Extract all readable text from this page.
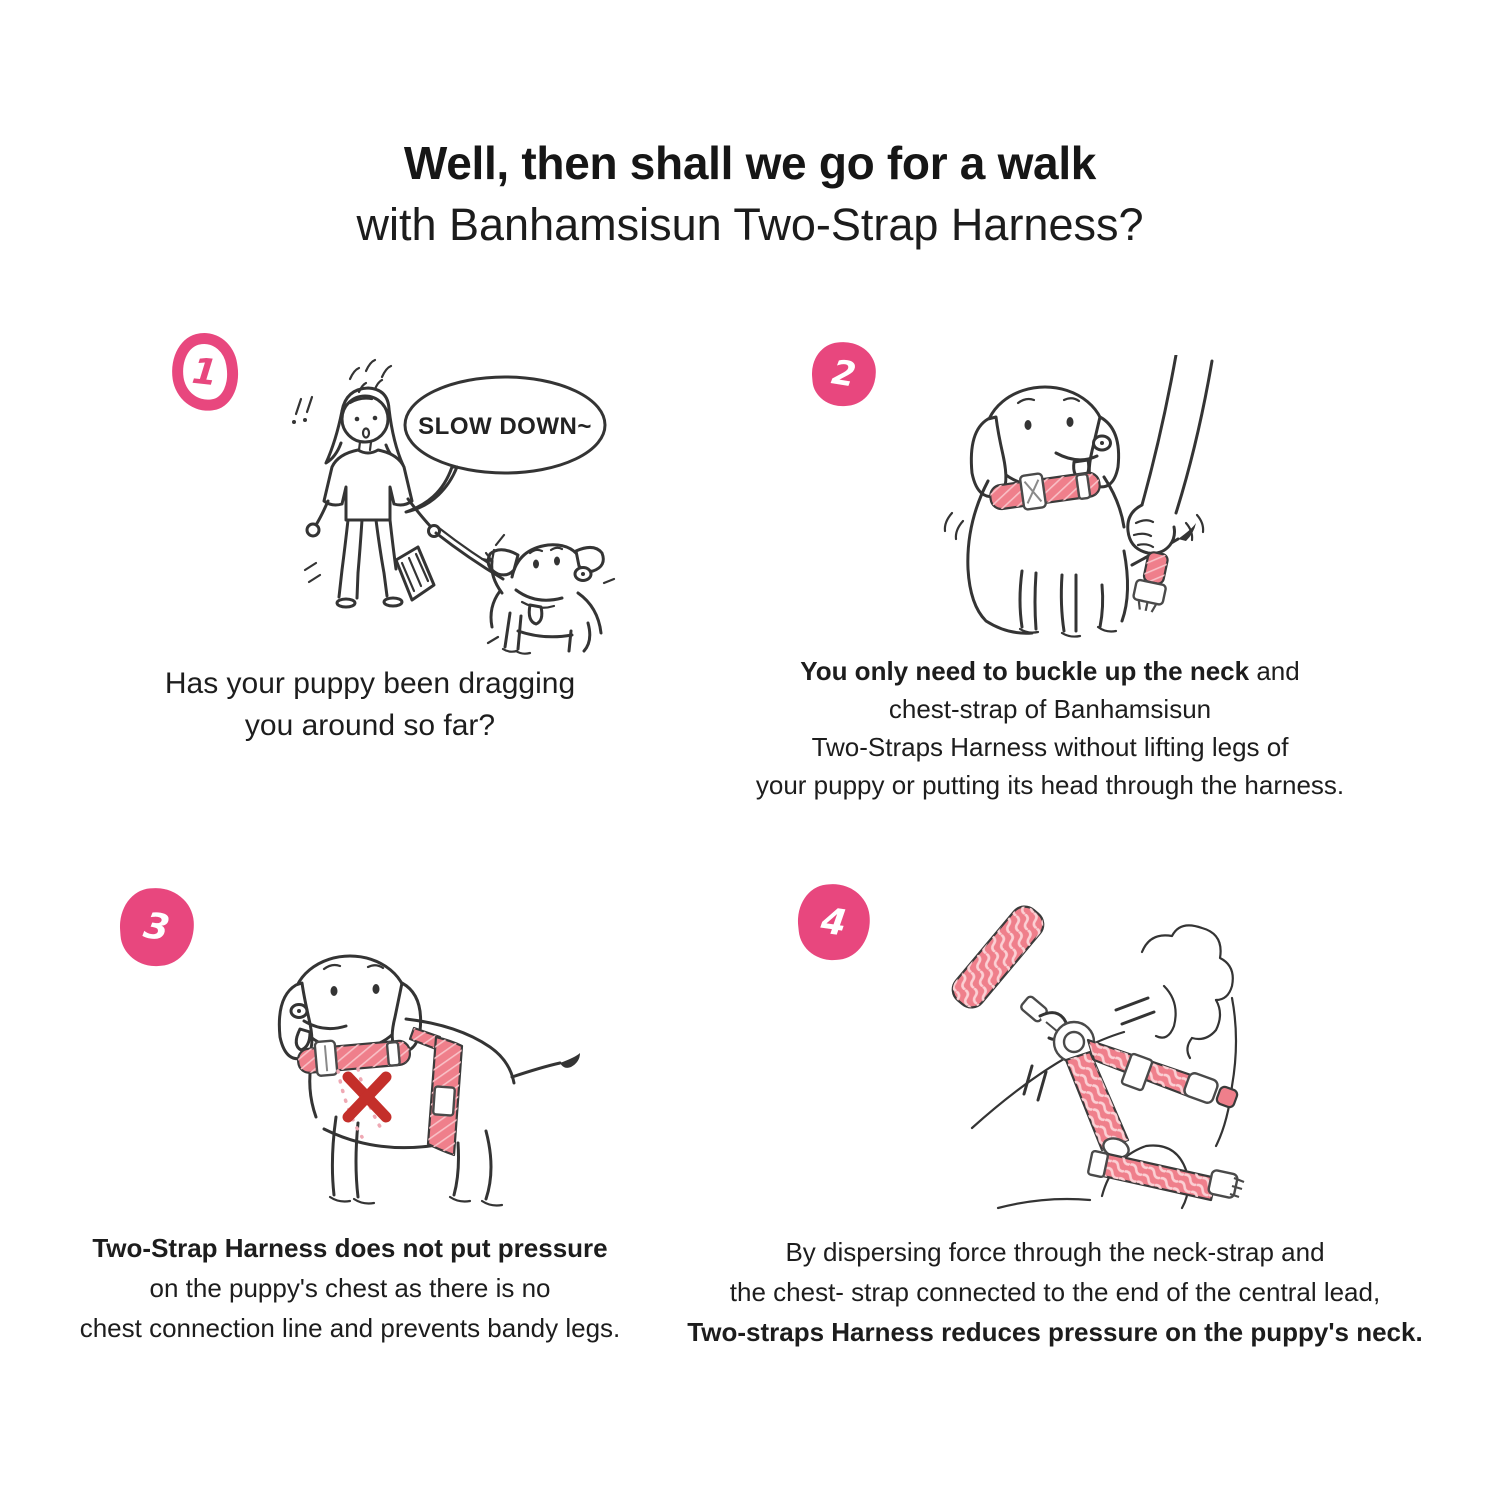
Well, then shall we go for a walk
with Banhamsisun Two-Strap Harness?
1
SLOW DOWN~

Has your puppy been dragging
you around so far?

2

You only need to buckle up the neck and
chest-strap of Banhamsisun
Two-Straps Harness without lifting legs of
your puppy or putting its head through the harness.

3

Two-Strap Harness does not put pressure
on the puppy's chest as there is no
chest connection line and prevents bandy legs.

4

By dispersing force through the neck-strap and
the chest- strap connected to the end of the central lead,
Two-straps Harness reduces pressure on the puppy's neck.
